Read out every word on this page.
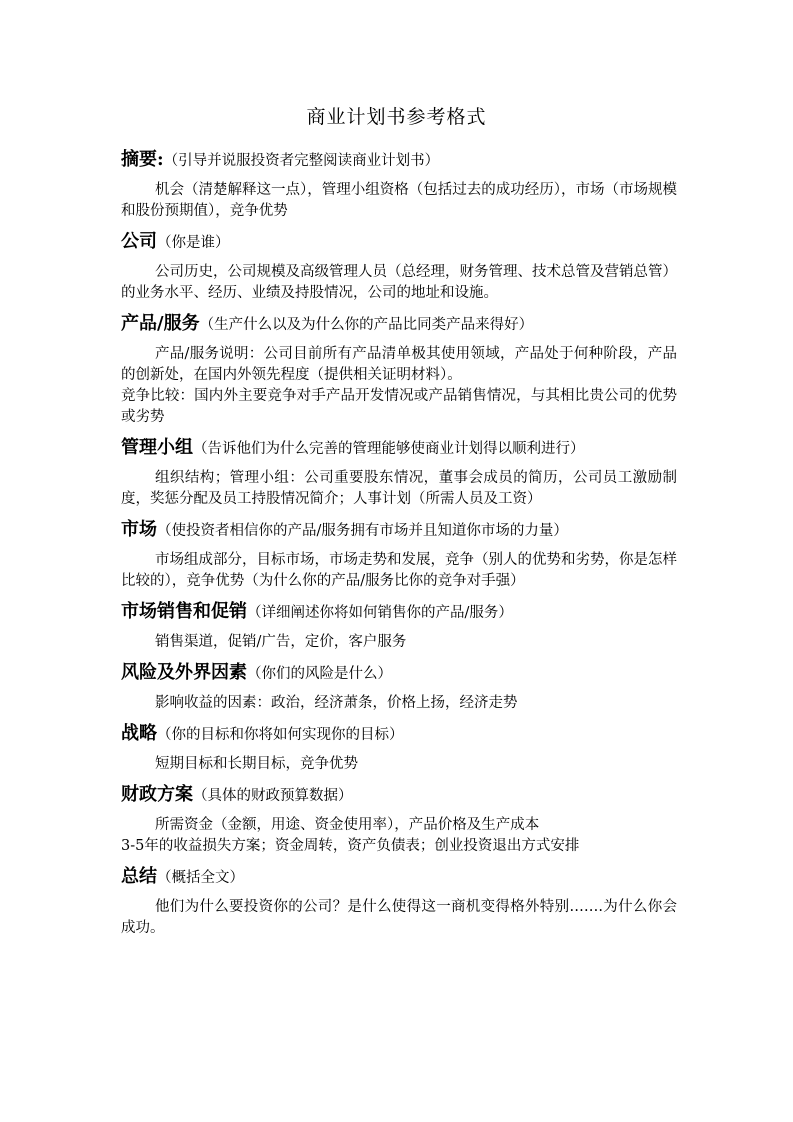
商业计划书参考格式
摘要:（引导并说服投资者完整阅读商业计划书）

机会（清楚解释这一点），管理小组资格（包括过去的成功经历），市场（市场规模和股份预期值），竞争优势

公司（你是谁）

公司历史，公司规模及高级管理人员（总经理，财务管理、技术总管及营销总管）的业务水平、经历、业绩及持股情况，公司的地址和设施。

产品/服务（生产什么以及为什么你的产品比同类产品来得好）

产品/服务说明：公司目前所有产品清单极其使用领域，产品处于何种阶段，产品的创新处，在国内外领先程度（提供相关证明材料）。

竞争比较：国内外主要竞争对手产品开发情况或产品销售情况，与其相比贵公司的优势或劣势

管理小组（告诉他们为什么完善的管理能够使商业计划得以顺利进行）

组织结构；管理小组：公司重要股东情况，董事会成员的简历，公司员工激励制度，奖惩分配及员工持股情况简介；人事计划（所需人员及工资）

市场（使投资者相信你的产品/服务拥有市场并且知道你市场的力量）

市场组成部分，目标市场，市场走势和发展，竞争（别人的优势和劣势，你是怎样比较的），竞争优势（为什么你的产品/服务比你的竞争对手强）

市场销售和促销（详细阐述你将如何销售你的产品/服务）

销售渠道，促销/广告，定价，客户服务

风险及外界因素（你们的风险是什么）

影响收益的因素：政治，经济萧条，价格上扬，经济走势

战略（你的目标和你将如何实现你的目标）

短期目标和长期目标，竞争优势

财政方案（具体的财政预算数据）

所需资金（金额，用途、资金使用率），产品价格及生产成本

3-5年的收益损失方案；资金周转，资产负债表；创业投资退出方式安排

总结（概括全文）

他们为什么要投资你的公司？是什么使得这一商机变得格外特别…….为什么你会成功。
